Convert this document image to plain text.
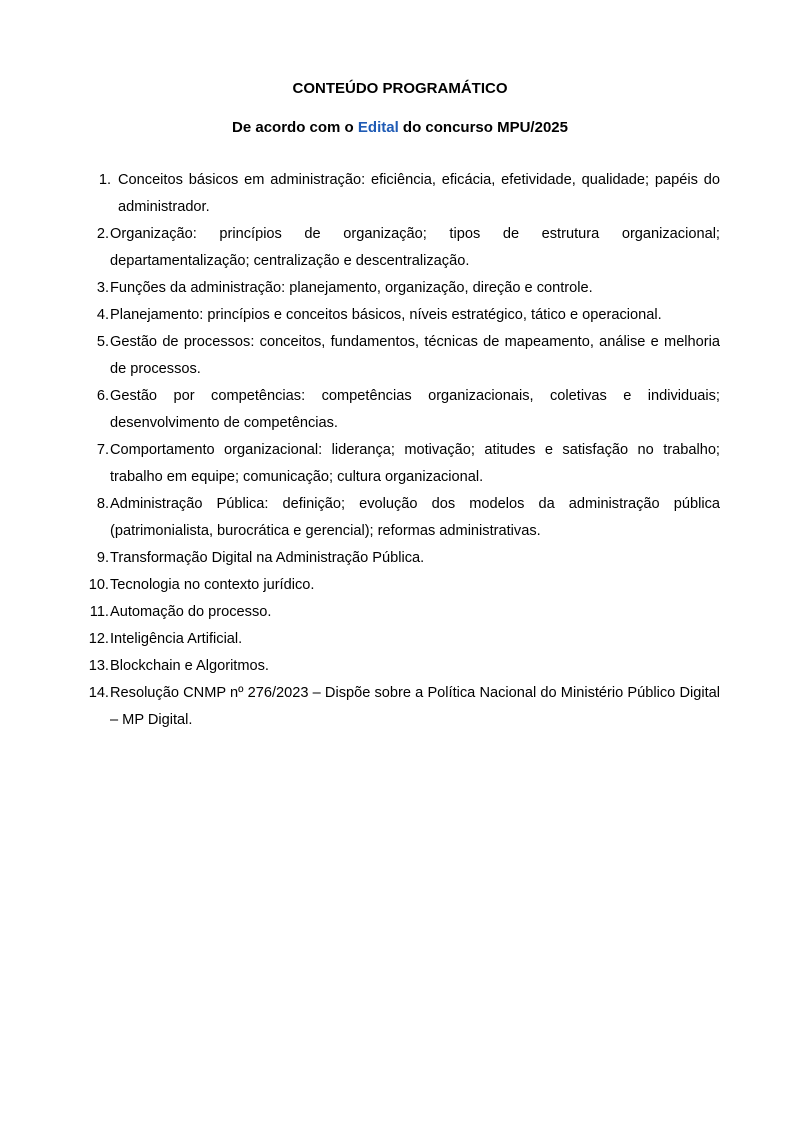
CONTEÚDO PROGRAMÁTICO
De acordo com o Edital do concurso MPU/2025
1. Conceitos básicos em administração: eficiência, eficácia, efetividade, qualidade; papéis do administrador.
2. Organização: princípios de organização; tipos de estrutura organizacional; departamentalização; centralização e descentralização.
3. Funções da administração: planejamento, organização, direção e controle.
4. Planejamento: princípios e conceitos básicos, níveis estratégico, tático e operacional.
5. Gestão de processos: conceitos, fundamentos, técnicas de mapeamento, análise e melhoria de processos.
6. Gestão por competências: competências organizacionais, coletivas e individuais; desenvolvimento de competências.
7. Comportamento organizacional: liderança; motivação; atitudes e satisfação no trabalho; trabalho em equipe; comunicação; cultura organizacional.
8. Administração Pública: definição; evolução dos modelos da administração pública (patrimonialista, burocrática e gerencial); reformas administrativas.
9. Transformação Digital na Administração Pública.
10. Tecnologia no contexto jurídico.
11. Automação do processo.
12. Inteligência Artificial.
13. Blockchain e Algoritmos.
14. Resolução CNMP nº 276/2023 – Dispõe sobre a Política Nacional do Ministério Público Digital – MP Digital.
